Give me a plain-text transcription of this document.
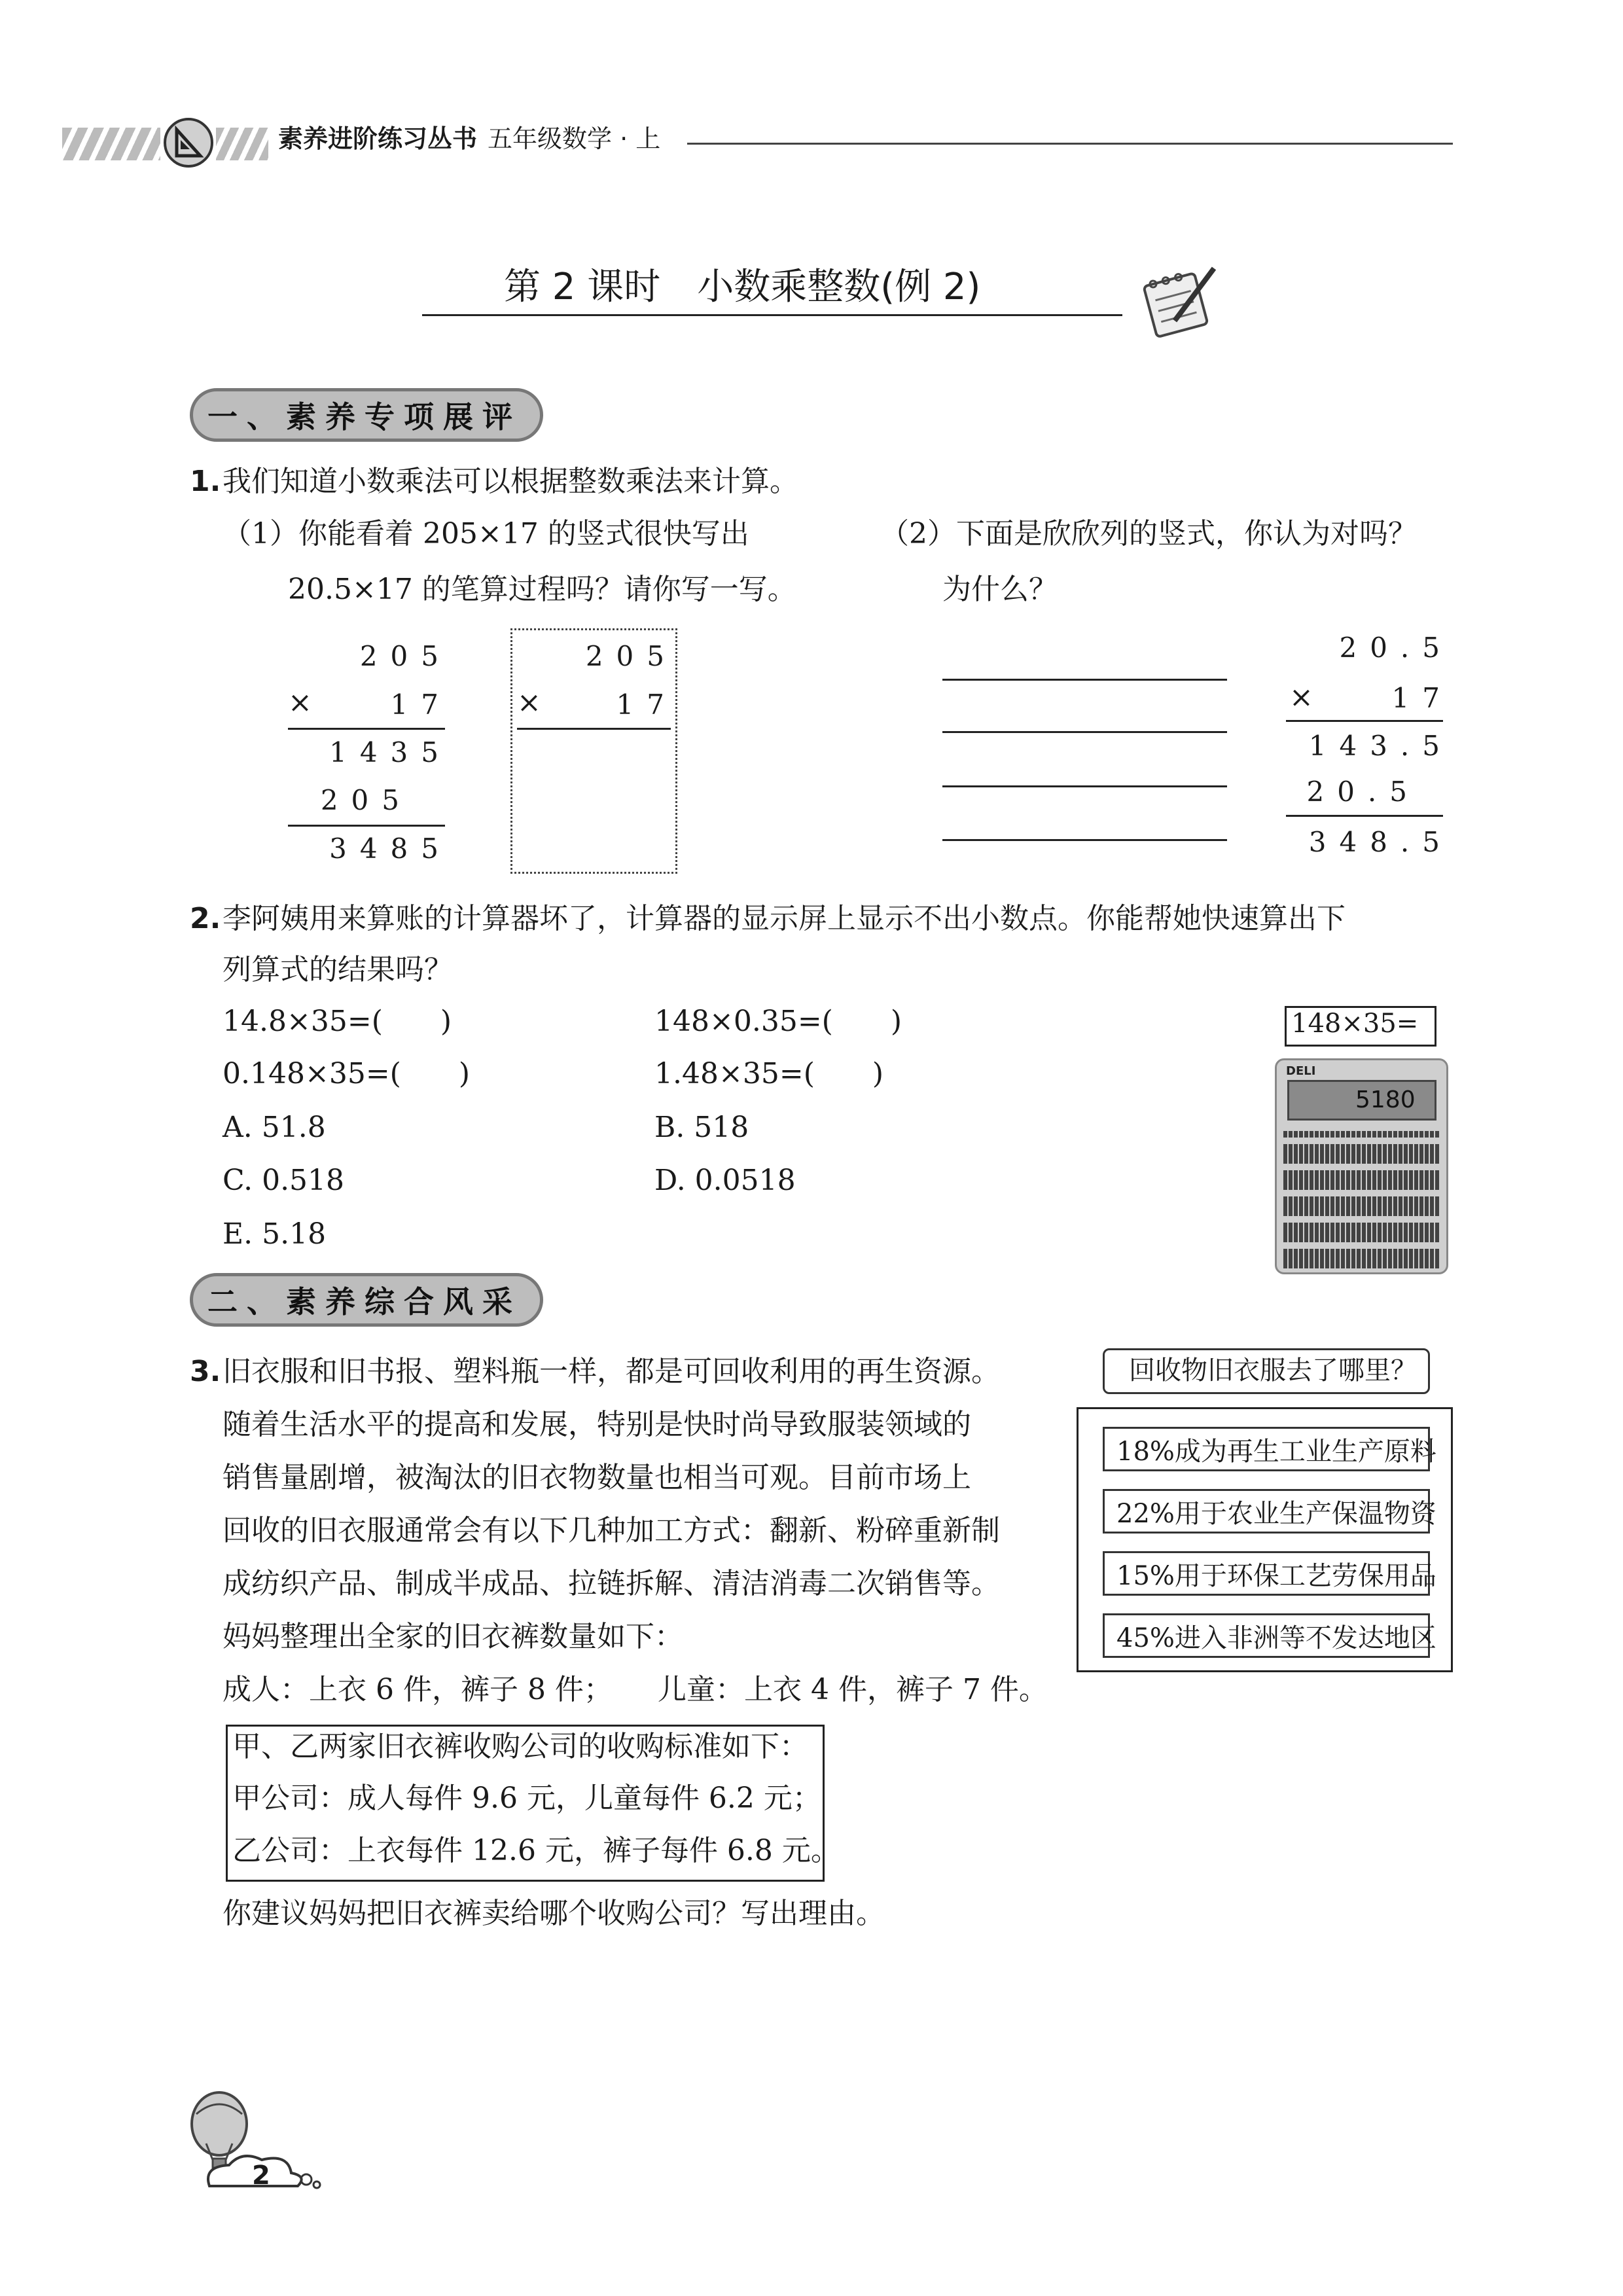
素养进阶练习丛书 五年级数学 · 上
第 2 课时　小数乘整数(例 2)
一、素养专项展评
1. 我们知道小数乘法可以根据整数乘法来计算。
（1）你能看着 205×17 的竖式很快写出
20.5×17 的笔算过程吗？请你写一写。
（2）下面是欣欣列的竖式，你认为对吗？
为什么？
205
×	17
1435
205
3485
205
×	17
20.5
×	17
143.5
20.5
348.5
2. 李阿姨用来算账的计算器坏了，计算器的显示屏上显示不出小数点。你能帮她快速算出下
列算式的结果吗？
14.8×35=(　　)	148×0.35=(　　)
0.148×35=(　　)	1.48×35=(　　)
A. 51.8	B. 518
C. 0.518	D. 0.0518
E. 5.18
148×35=
DELI
5180
二、素养综合风采
3. 旧衣服和旧书报、塑料瓶一样，都是可回收利用的再生资源。
随着生活水平的提高和发展，特别是快时尚导致服装领域的
销售量剧增，被淘汰的旧衣物数量也相当可观。目前市场上
回收的旧衣服通常会有以下几种加工方式：翻新、粉碎重新制
成纺织产品、制成半成品、拉链拆解、清洁消毒二次销售等。
妈妈整理出全家的旧衣裤数量如下：
成人：上衣 6 件，裤子 8 件； 儿童：上衣 4 件，裤子 7 件。
甲、乙两家旧衣裤收购公司的收购标准如下：
甲公司：成人每件 9.6 元，儿童每件 6.2 元；
乙公司：上衣每件 12.6 元，裤子每件 6.8 元。
你建议妈妈把旧衣裤卖给哪个收购公司？写出理由。
回收物旧衣服去了哪里？
18%成为再生工业生产原料
22%用于农业生产保温物资
15%用于环保工艺劳保用品
45%进入非洲等不发达地区
2
